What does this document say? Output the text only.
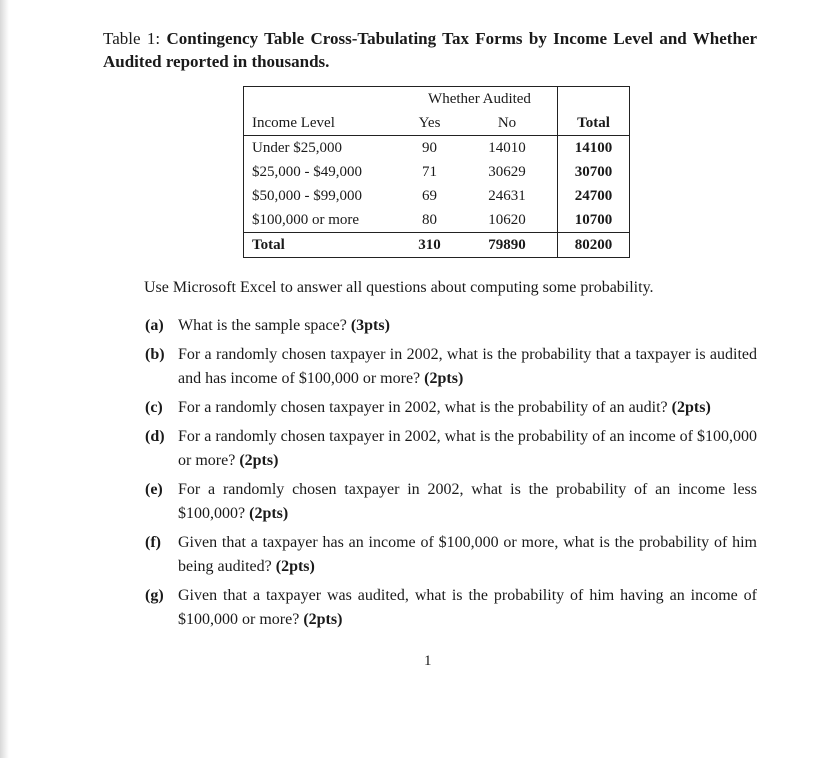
Table 1: Contingency Table Cross-Tabulating Tax Forms by Income Level and Whether Audited reported in thousands.
	Whether Audited		
Income Level	Yes	No	Total
Under $25,000	90	14010	14100
$25,000 - $49,000	71	30629	30700
$50,000 - $99,000	69	24631	24700
$100,000 or more	80	10620	10700
Total	310	79890	80200
Use Microsoft Excel to answer all questions about computing some probability.
(a) What is the sample space? (3pts)
(b) For a randomly chosen taxpayer in 2002, what is the probability that a taxpayer is audited and has income of $100,000 or more? (2pts)
(c) For a randomly chosen taxpayer in 2002, what is the probability of an audit? (2pts)
(d) For a randomly chosen taxpayer in 2002, what is the probability of an income of $100,000 or more? (2pts)
(e) For a randomly chosen taxpayer in 2002, what is the probability of an income less $100,000? (2pts)
(f) Given that a taxpayer has an income of $100,000 or more, what is the probability of him being audited? (2pts)
(g) Given that a taxpayer was audited, what is the probability of him having an income of $100,000 or more? (2pts)
1
